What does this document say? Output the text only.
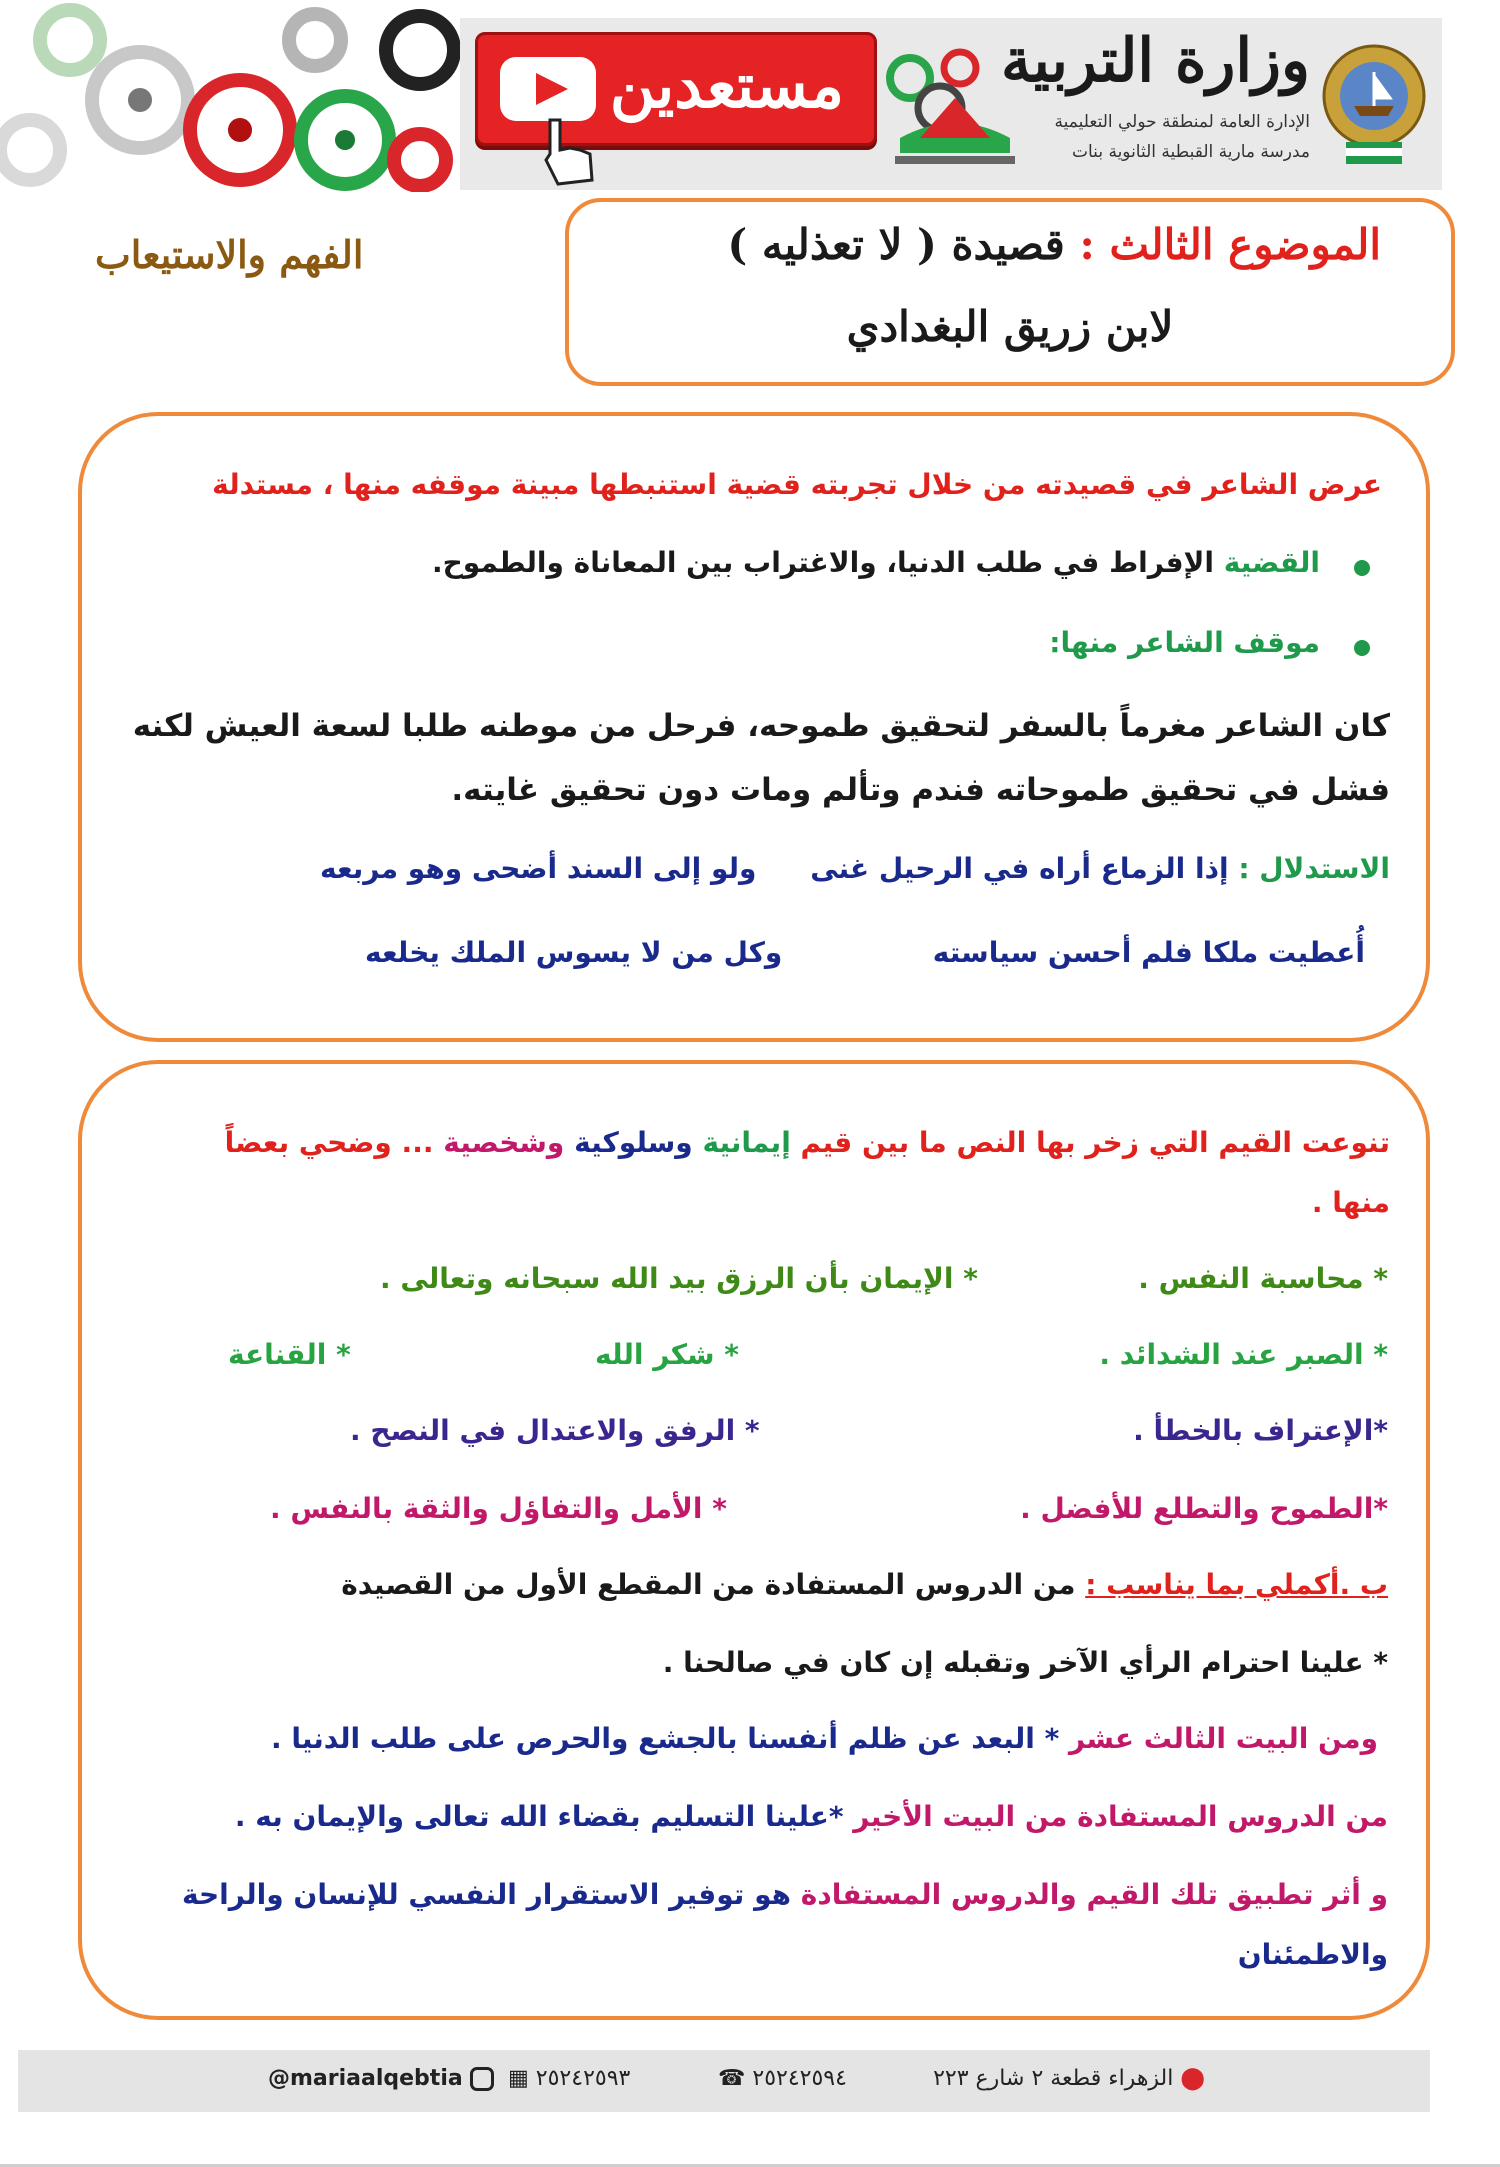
مستعدين	وزارة التربية
الإدارة العامة لمنطقة حولي التعليمية
مدرسة مارية القبطية الثانوية بنات
الموضوع الثالث : قصيدة ( لا تعذليه )
لابن زريق البغدادي
الفهم والاستيعاب
عرض الشاعر في قصيدته من خلال تجربته قضية استنبطها مبينة موقفه منها ، مستدلة
القضية الإفراط في طلب الدنيا، والاغتراب بين المعاناة والطموح.
موقف الشاعر منها:
كان الشاعر مغرماً بالسفر لتحقيق طموحه، فرحل من موطنه طلبا لسعة العيش لكنه
فشل في تحقيق طموحاته فندم وتألم ومات دون تحقيق غايته.
الاستدلال : إذا الزماع أراه في الرحيل غنى
ولو إلى السند أضحى وهو مربعه
أُعطيت ملكا فلم أحسن سياسته
وكل من لا يسوس الملك يخلعه
تنوعت القيم التي زخر بها النص ما بين قيم إيمانية وسلوكية وشخصية ... وضحي بعضاً
منها .
* محاسبة النفس .
* الإيمان بأن الرزق بيد الله سبحانه وتعالى .
* الصبر عند الشدائد .
* شكر الله
* القناعة
*الإعتراف بالخطأ .
* الرفق والاعتدال في النصح .
*الطموح والتطلع للأفضل .
* الأمل والتفاؤل والثقة بالنفس .
ب .أكملي بما يناسب : من الدروس المستفادة من المقطع الأول من القصيدة
* علينا احترام الرأي الآخر وتقبله إن كان في صالحنا .
ومن البيت الثالث عشر * البعد عن ظلم أنفسنا بالجشع والحرص على طلب الدنيا .
من الدروس المستفادة من البيت الأخير *علينا التسليم بقضاء الله تعالى والإيمان به .
و أثر تطبيق تلك القيم والدروس المستفادة هو توفير الاستقرار النفسي للإنسان والراحة
والاطمئنان
⬤ الزهراء قطعة ٢ شارع ٢٢٣
٢٥٢٤٢٥٩٤ ☎
٢٥٢٤٢٥٩٣ ▦
@mariaalqebtia
